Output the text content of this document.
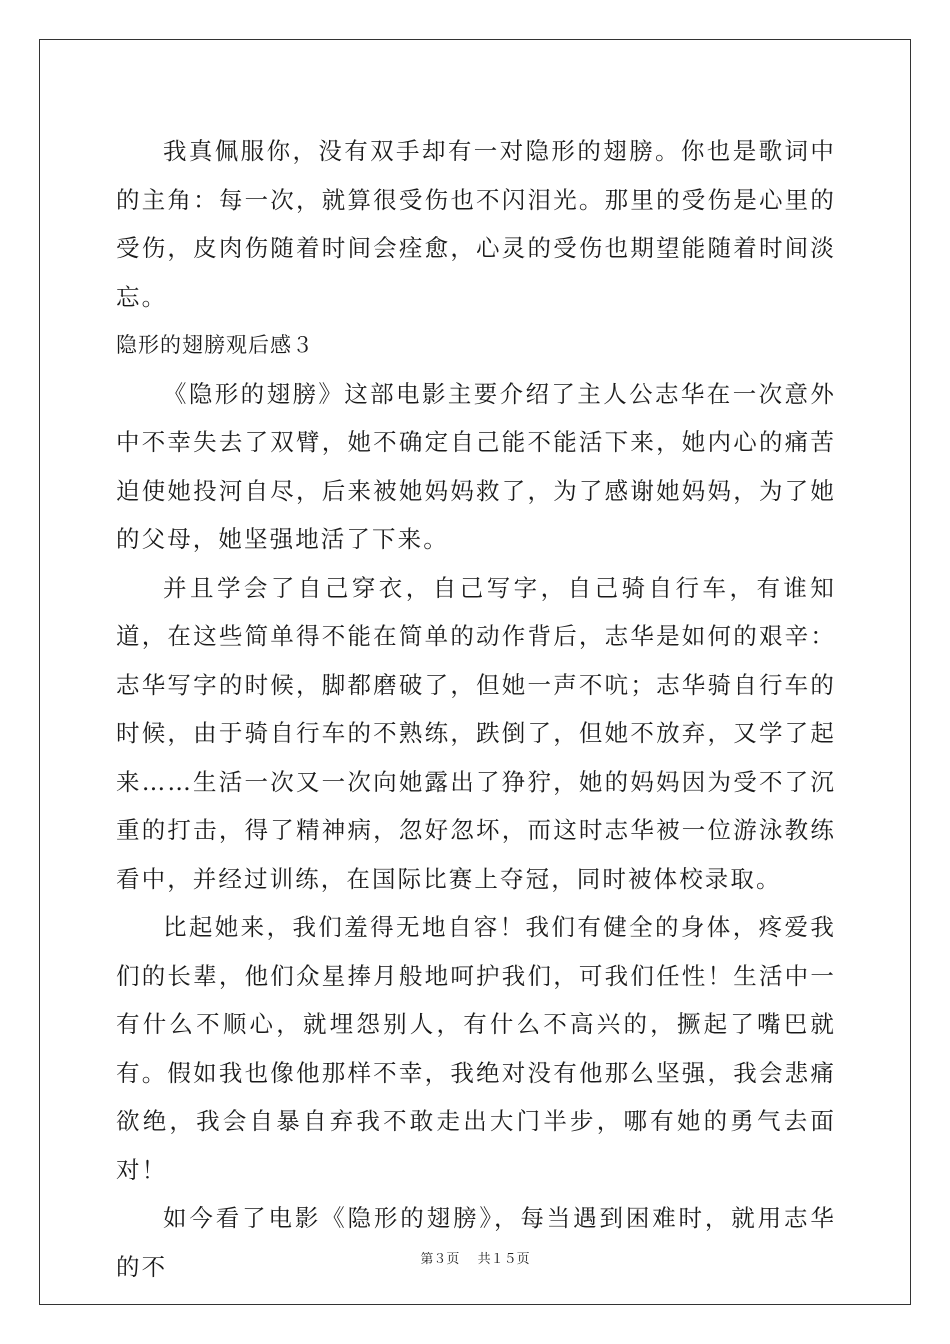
我真佩服你，没有双手却有一对隐形的翅膀。你也是歌词中的主角：每一次，就算很受伤也不闪泪光。那里的受伤是心里的受伤，皮肉伤随着时间会痊愈，心灵的受伤也期望能随着时间淡忘。

隐形的翅膀观后感３

《隐形的翅膀》这部电影主要介绍了主人公志华在一次意外中不幸失去了双臂，她不确定自己能不能活下来，她内心的痛苦迫使她投河自尽，后来被她妈妈救了，为了感谢她妈妈，为了她的父母，她坚强地活了下来。

并且学会了自己穿衣，自己写字，自己骑自行车，有谁知道，在这些简单得不能在简单的动作背后，志华是如何的艰辛：志华写字的时候，脚都磨破了，但她一声不吭；志华骑自行车的时候，由于骑自行车的不熟练，跌倒了，但她不放弃，又学了起来……生活一次又一次向她露出了狰狞，她的妈妈因为受不了沉重的打击，得了精神病，忽好忽坏，而这时志华被一位游泳教练看中，并经过训练，在国际比赛上夺冠，同时被体校录取。

比起她来，我们羞得无地自容！我们有健全的身体，疼爱我们的长辈，他们众星捧月般地呵护我们，可我们任性！生活中一有什么不顺心，就埋怨别人，有什么不高兴的，撅起了嘴巴就有。假如我也像他那样不幸，我绝对没有他那么坚强，我会悲痛欲绝，我会自暴自弃我不敢走出大门半步，哪有她的勇气去面对！

如今看了电影《隐形的翅膀》，每当遇到困难时，就用志华的不	第３页 共１５页
